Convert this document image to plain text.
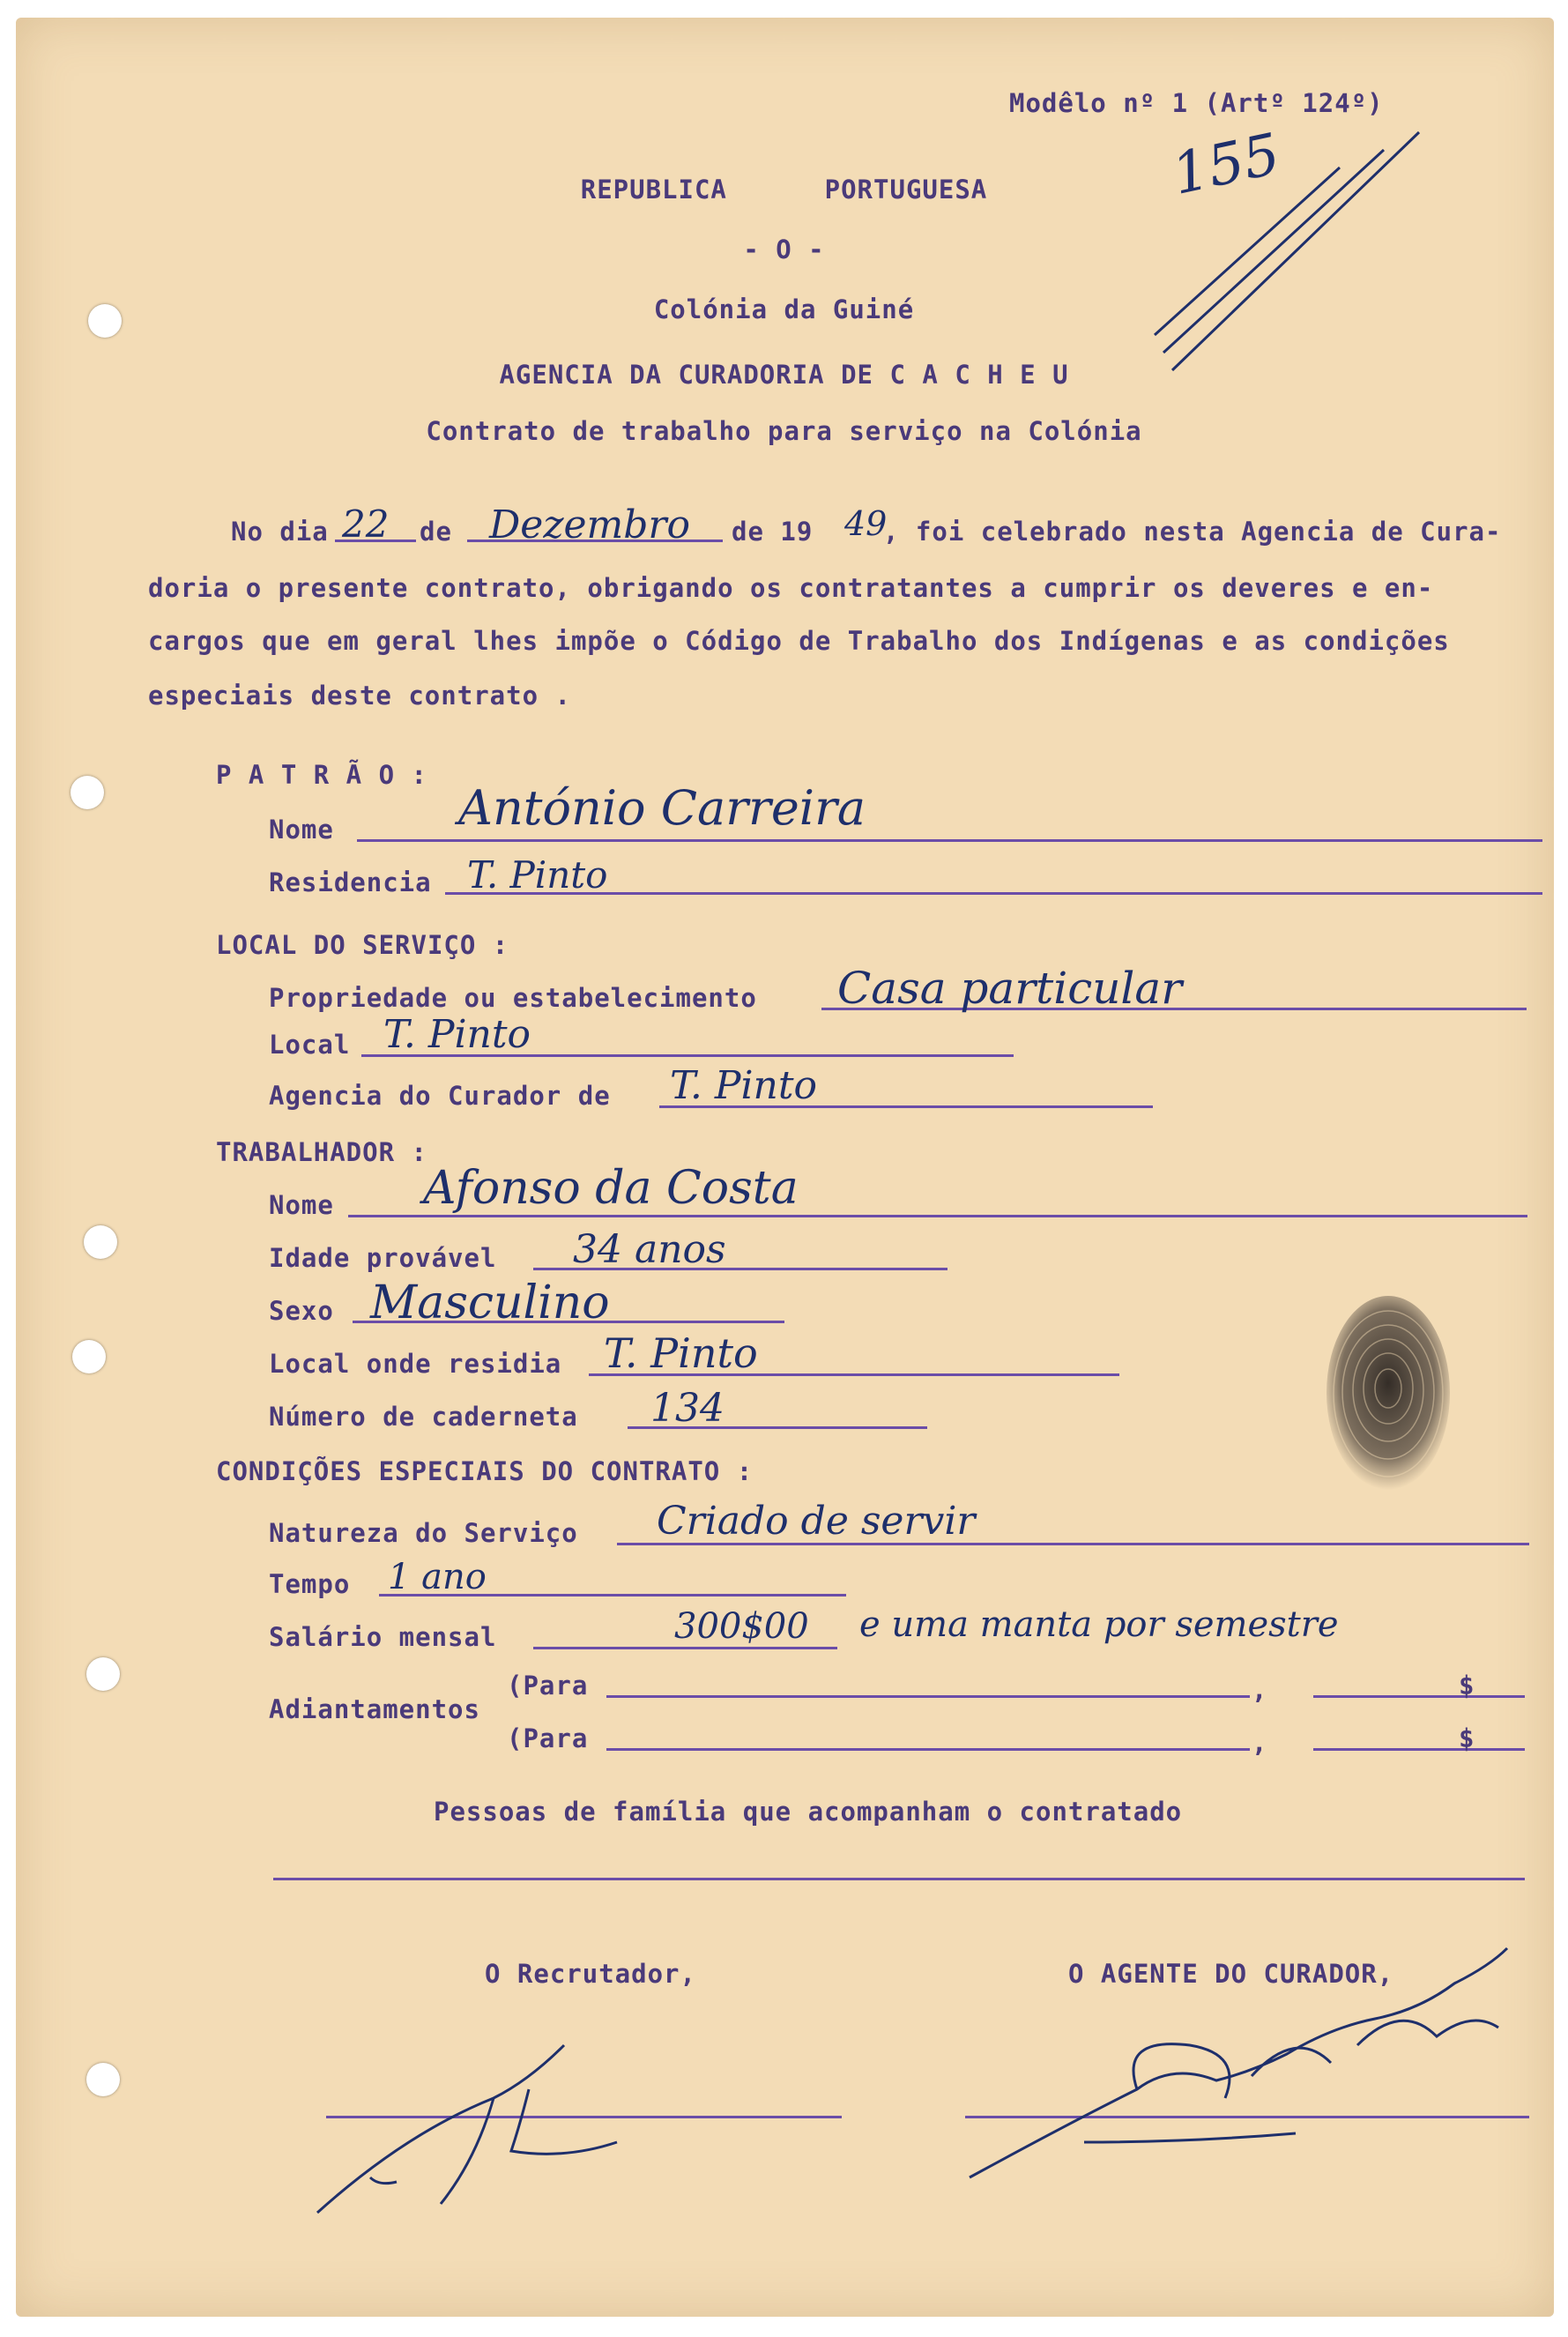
Modêlo nº 1 (Artº 124º)
155
REPUBLICA      PORTUGUESA
- O -
Colónia da Guiné
AGENCIA DA CURADORIA DE C A C H E U
Contrato de trabalho para serviço na Colónia
No dia 22 de Dezembro de 19 49
, foi celebrado nesta Agencia de Cura-
doria o presente contrato, obrigando os contratantes a cumprir os deveres e en-
cargos que em geral lhes impõe o Código de Trabalho dos Indígenas e as condições
especiais deste contrato .
P A T R Ã O :
Nome	António Carreira
Residencia T. Pinto
LOCAL DO SERVIÇO :
Propriedade ou estabelecimento Casa particular
Local T. Pinto
Agencia do Curador de T. Pinto
TRABALHADOR :
Nome Afonso da Costa
Idade provável 34 anos
Sexo Masculino
Local onde residia T. Pinto
Número de caderneta 134
CONDIÇÕES ESPECIAIS DO CONTRATO :
Natureza do Serviço Criado de servir
Tempo 1 ano
Salário mensal	300$00 e uma manta por semestre
Adiantamentos
(Para	,	$
(Para	,	$
Pessoas de família que acompanham o contratado
O Recrutador,	O AGENTE DO CURADOR,
